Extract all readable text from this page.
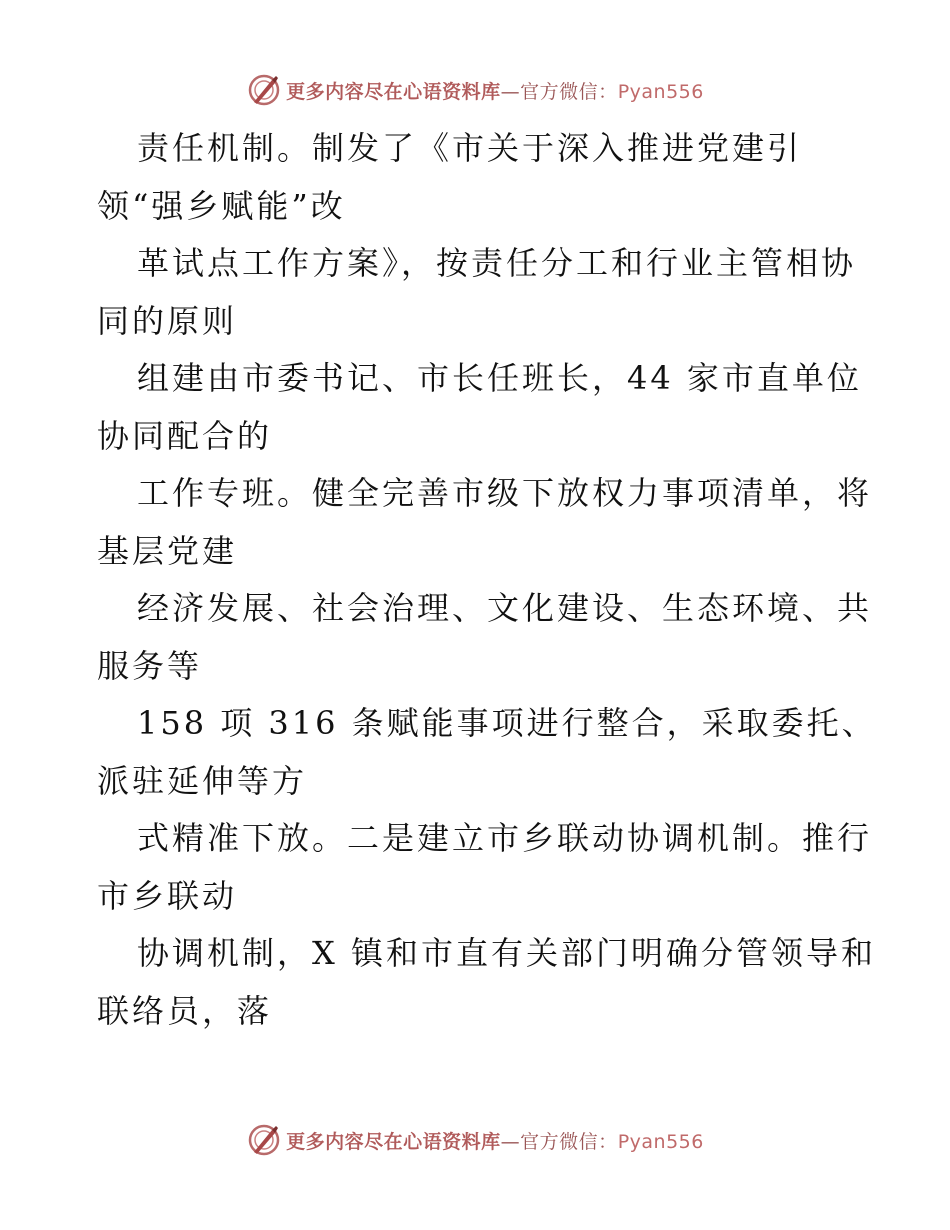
更多内容尽在心语资料库—官方微信：Pyan556
责任机制。制发了《市关于深入推进党建引
领“强乡赋能”改
革试点工作方案》，按责任分工和行业主管相协
同的原则
组建由市委书记、市长任班长，44 家市直单位
协同配合的
工作专班。健全完善市级下放权力事项清单，将
基层党建
经济发展、社会治理、文化建设、生态环境、共
服务等
158 项 316 条赋能事项进行整合，采取委托、
派驻延伸等方
式精准下放。二是建立市乡联动协调机制。推行
市乡联动
协调机制，X 镇和市直有关部门明确分管领导和
联络员，落
更多内容尽在心语资料库—官方微信：Pyan556
